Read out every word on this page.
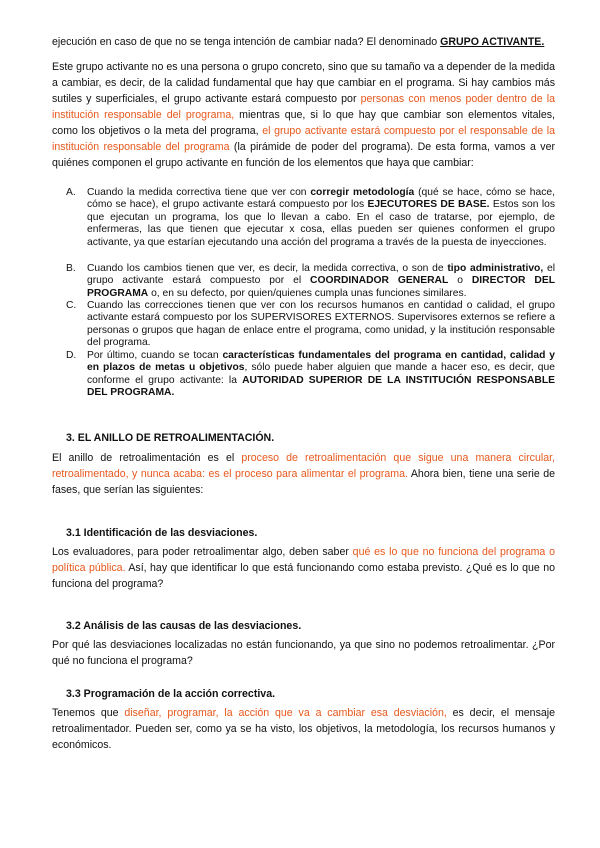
ejecución en caso de que no se tenga intención de cambiar nada? El denominado GRUPO ACTIVANTE.

Este grupo activante no es una persona o grupo concreto, sino que su tamaño va a depender de la medida a cambiar, es decir, de la calidad fundamental que hay que cambiar en el programa. Si hay cambios más sutiles y superficiales, el grupo activante estará compuesto por personas con menos poder dentro de la institución responsable del programa, mientras que, si lo que hay que cambiar son elementos vitales, como los objetivos o la meta del programa, el grupo activante estará compuesto por el responsable de la institución responsable del programa (la pirámide de poder del programa). De esta forma, vamos a ver quiénes componen el grupo activante en función de los elementos que haya que cambiar:

A. Cuando la medida correctiva tiene que ver con corregir metodología (qué se hace, cómo se hace, cómo se hace), el grupo activante estará compuesto por los EJECUTORES DE BASE. Estos son los que ejecutan un programa, los que lo llevan a cabo. En el caso de tratarse, por ejemplo, de enfermeras, las que tienen que ejecutar x cosa, ellas pueden ser quienes conformen el grupo activante, ya que estarían ejecutando una acción del programa a través de la puesta de inyecciones.

B. Cuando los cambios tienen que ver, es decir, la medida correctiva, o son de tipo administrativo, el grupo activante estará compuesto por el COORDINADOR GENERAL o DIRECTOR DEL PROGRAMA o, en su defecto, por quien/quienes cumpla unas funciones similares.

C. Cuando las correcciones tienen que ver con los recursos humanos en cantidad o calidad, el grupo activante estará compuesto por los SUPERVISORES EXTERNOS. Supervisores externos se refiere a personas o grupos que hagan de enlace entre el programa, como unidad, y la institución responsable del programa.

D. Por último, cuando se tocan características fundamentales del programa en cantidad, calidad y en plazos de metas u objetivos, sólo puede haber alguien que mande a hacer eso, es decir, que conforme el grupo activante: la AUTORIDAD SUPERIOR DE LA INSTITUCIÓN RESPONSABLE DEL PROGRAMA.

3. EL ANILLO DE RETROALIMENTACIÓN.

El anillo de retroalimentación es el proceso de retroalimentación que sigue una manera circular, retroalimentado, y nunca acaba: es el proceso para alimentar el programa. Ahora bien, tiene una serie de fases, que serían las siguientes:

3.1 Identificación de las desviaciones.

Los evaluadores, para poder retroalimentar algo, deben saber qué es lo que no funciona del programa o política pública. Así, hay que identificar lo que está funcionando como estaba previsto. ¿Qué es lo que no funciona del programa?

3.2 Análisis de las causas de las desviaciones.

Por qué las desviaciones localizadas no están funcionando, ya que sino no podemos retroalimentar. ¿Por qué no funciona el programa?

3.3 Programación de la acción correctiva.

Tenemos que diseñar, programar, la acción que va a cambiar esa desviación, es decir, el mensaje retroalimentador. Pueden ser, como ya se ha visto, los objetivos, la metodología, los recursos humanos y económicos.
